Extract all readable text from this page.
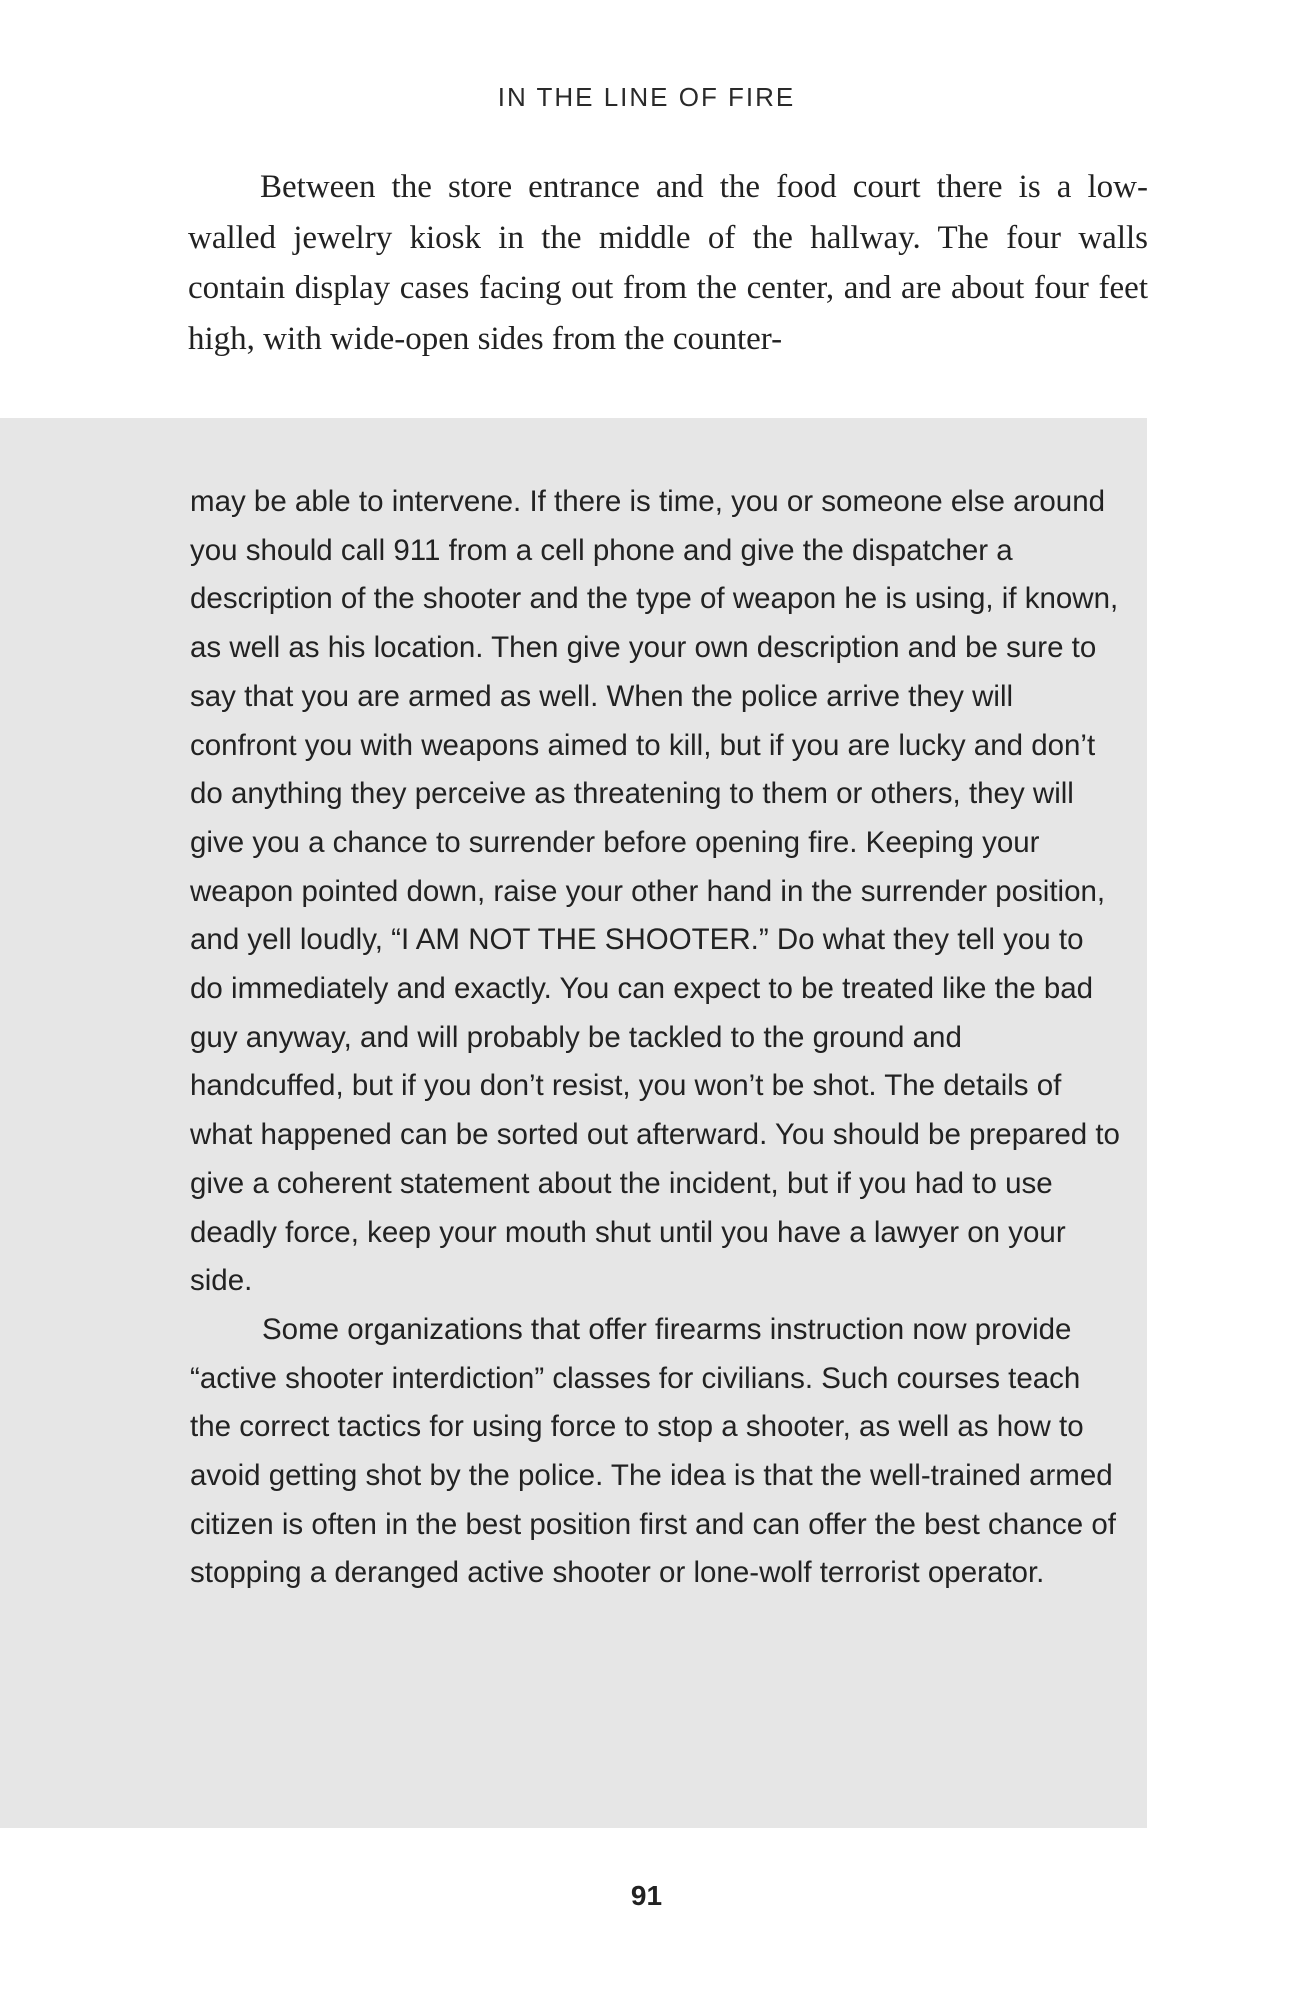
IN THE LINE OF FIRE

Between the store entrance and the food court there is a low-walled jewelry kiosk in the middle of the hallway. The four walls contain display cases facing out from the center, and are about four feet high, with wide-open sides from the counter-

may be able to intervene. If there is time, you or someone else around you should call 911 from a cell phone and give the dispatcher a description of the shooter and the type of weapon he is using, if known, as well as his location. Then give your own description and be sure to say that you are armed as well. When the police arrive they will confront you with weapons aimed to kill, but if you are lucky and don’t do anything they perceive as threatening to them or others, they will give you a chance to surrender before opening fire. Keeping your weapon pointed down, raise your other hand in the surrender position, and yell loudly, “I AM NOT THE SHOOTER.” Do what they tell you to do immediately and exactly. You can expect to be treated like the bad guy anyway, and will probably be tackled to the ground and handcuffed, but if you don’t resist, you won’t be shot. The details of what happened can be sorted out afterward. You should be prepared to give a coherent statement about the incident, but if you had to use deadly force, keep your mouth shut until you have a lawyer on your side.

Some organizations that offer firearms instruction now provide “active shooter interdiction” classes for civilians. Such courses teach the correct tactics for using force to stop a shooter, as well as how to avoid getting shot by the police. The idea is that the well-trained armed citizen is often in the best position first and can offer the best chance of stopping a deranged active shooter or lone-wolf terrorist operator.

91
